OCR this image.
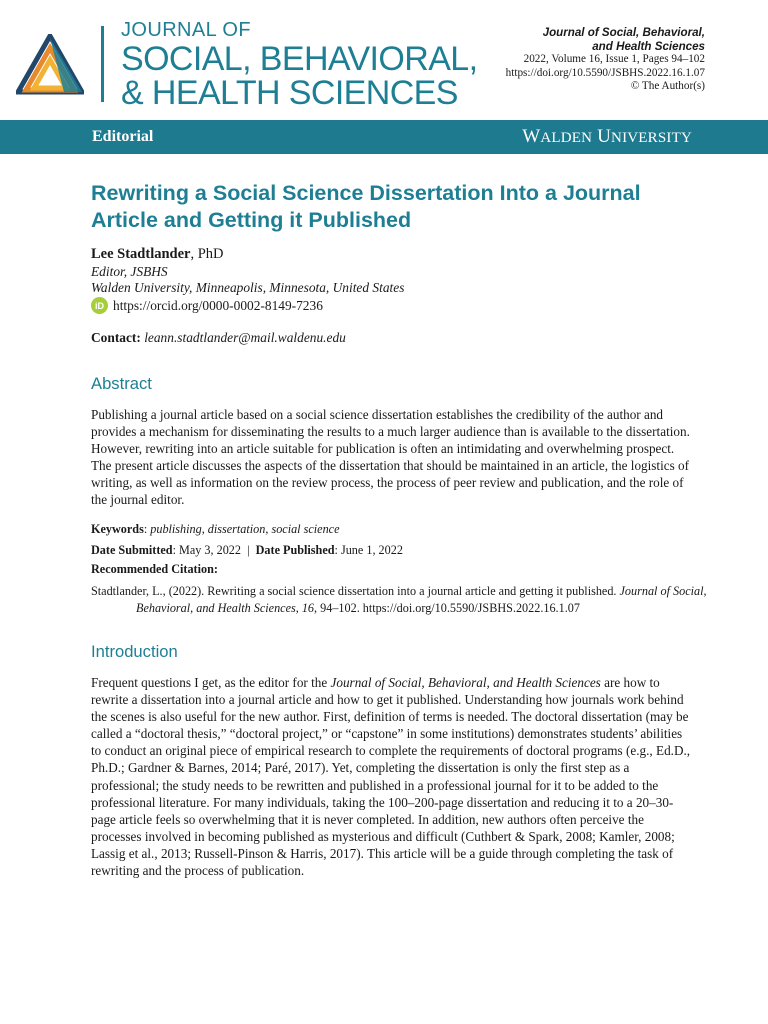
JOURNAL OF
SOCIAL, BEHAVIORAL,
& HEALTH SCIENCES
Journal of Social, Behavioral,
and Health Sciences
2022, Volume 16, Issue 1, Pages 94–102
https://doi.org/10.5590/JSBHS.2022.16.1.07
© The Author(s)
Editorial	WALDEN UNIVERSITY
Rewriting a Social Science Dissertation Into a Journal Article and Getting it Published
Lee Stadtlander, PhD
Editor, JSBHS
Walden University, Minneapolis, Minnesota, United States
iD https://orcid.org/0000-0002-8149-7236
Contact: leann.stadtlander@mail.waldenu.edu
Abstract
Publishing a journal article based on a social science dissertation establishes the credibility of the author and provides a mechanism for disseminating the results to a much larger audience than is available to the dissertation. However, rewriting into an article suitable for publication is often an intimidating and overwhelming prospect. The present article discusses the aspects of the dissertation that should be maintained in an article, the logistics of writing, as well as information on the review process, the process of peer review and publication, and the role of the journal editor.
Keywords: publishing, dissertation, social science
Date Submitted: May 3, 2022 | Date Published: June 1, 2022
Recommended Citation:
Stadtlander, L., (2022). Rewriting a social science dissertation into a journal article and getting it published. Journal of Social, Behavioral, and Health Sciences, 16, 94–102. https://doi.org/10.5590/JSBHS.2022.16.1.07
Introduction
Frequent questions I get, as the editor for the Journal of Social, Behavioral, and Health Sciences are how to rewrite a dissertation into a journal article and how to get it published. Understanding how journals work behind the scenes is also useful for the new author. First, definition of terms is needed. The doctoral dissertation (may be called a “doctoral thesis,” “doctoral project,” or “capstone” in some institutions) demonstrates students’ abilities to conduct an original piece of empirical research to complete the requirements of doctoral programs (e.g., Ed.D., Ph.D.; Gardner & Barnes, 2014; Paré, 2017). Yet, completing the dissertation is only the first step as a professional; the study needs to be rewritten and published in a professional journal for it to be added to the professional literature. For many individuals, taking the 100–200-page dissertation and reducing it to a 20–30-page article feels so overwhelming that it is never completed. In addition, new authors often perceive the processes involved in becoming published as mysterious and difficult (Cuthbert & Spark, 2008; Kamler, 2008; Lassig et al., 2013; Russell-Pinson & Harris, 2017). This article will be a guide through completing the task of rewriting and the process of publication.
